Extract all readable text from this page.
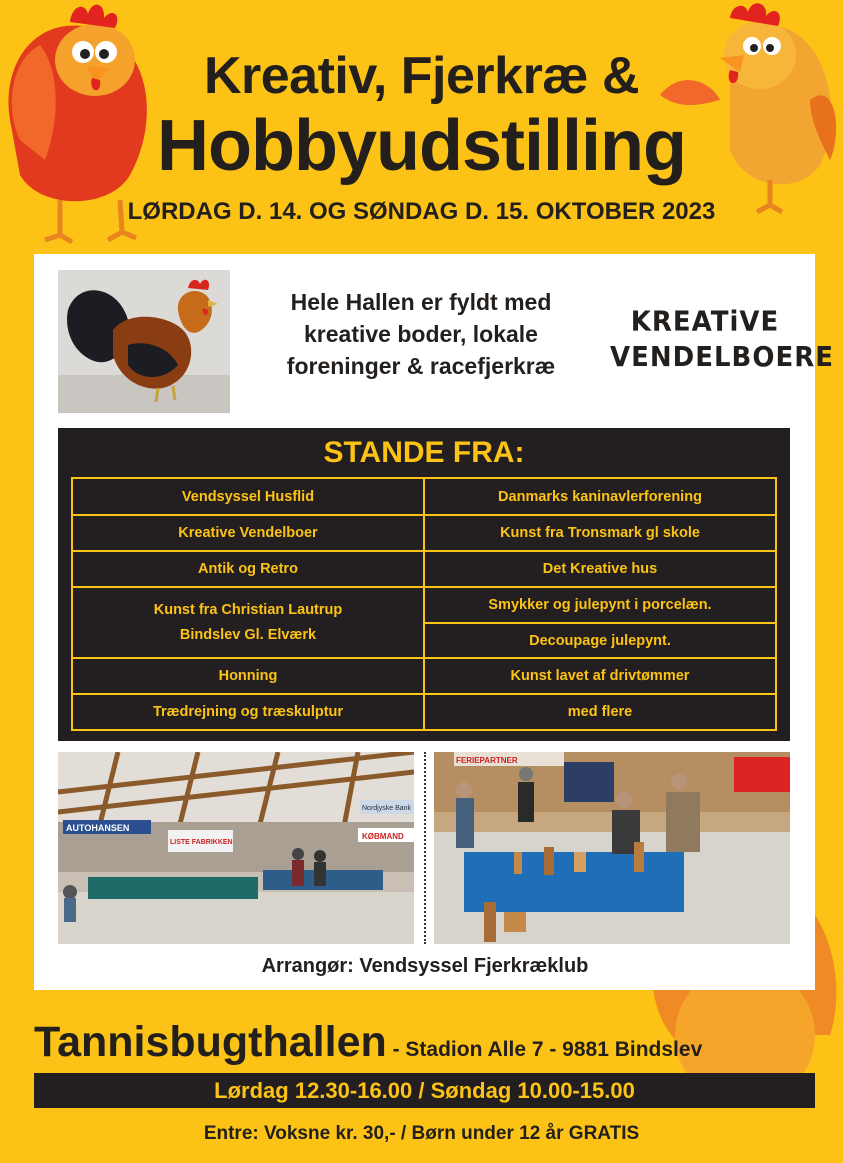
Kreativ, Fjerkræ &
Hobbyudstilling
LØRDAG D. 14. OG SØNDAG D. 15. OKTOBER 2023
Hele Hallen er fyldt med
kreative boder, lokale
foreninger & racefjerkræ
KREATiVE
VENDELBOERE
STANDE FRA:
Vendsyssel Husflid	Danmarks kaninavlerforening
Kreative Vendelboer	Kunst fra Tronsmark gl skole
Antik og Retro	Det Kreative hus

Kunst fra Christian Lautrup
Bindslev Gl. Elværk	Smykker og julepynt i porcelæn.
	Decoupage julepynt.
Honning	Kunst lavet af drivtømmer
Trædrejning og træskulptur	med flere
AUTOHANSEN
LISTE FABRIKKEN
Nordjyske Bank
KØBMAND
FERIEPARTNER
Arrangør: Vendsyssel Fjerkræklub
Tannisbugthallen - Stadion Alle 7 - 9881 Bindslev
Lørdag 12.30-16.00 / Søndag 10.00-15.00
Entre: Voksne kr. 30,- / Børn under 12 år GRATIS
